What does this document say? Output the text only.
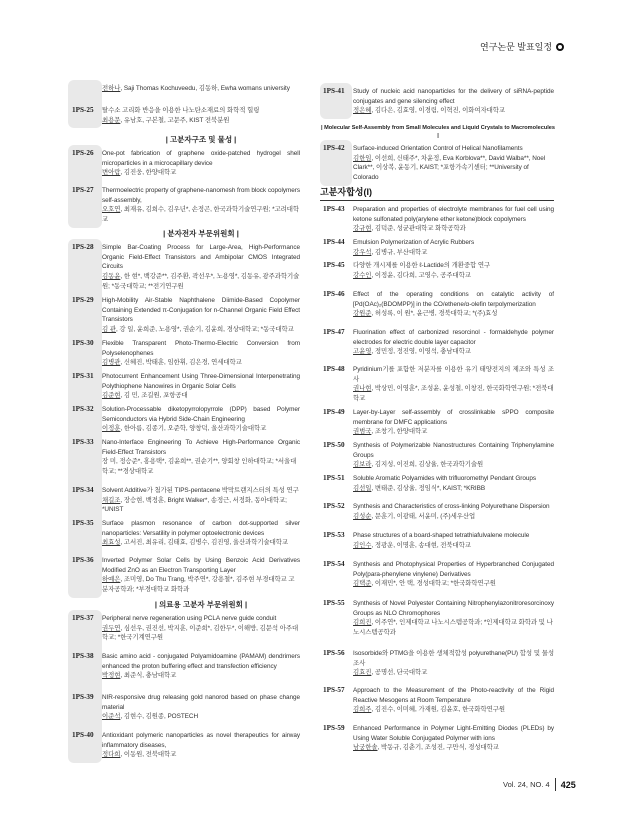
연구논문 발표일정
| 고분자구조 및 물성 |
| 분자전자 부문위원회 |
| 의료용 고분자 부문위원회 |
| Molecular Self-Assembly from Small Molecules and Liquid Crystals to Macromolecules |
고분자합성(I)
전하나, Saji Thomas Kochuveedu, 김동하, Ewha womans university
1PS-25 탈수소 고리화 반응을 이용한 나노탄소재료의 화학적 힐링
최용문, 유남호, 구본철, 고문주, KIST 전북분원
1PS-26 One-pot fabrication of graphene oxide-patched hydrogel shell microparticles in a microcapillary device
변아람, 김진웅, 한양대학교
1PS-27 Thermoelectric property of graphene-nanomesh from block copolymers self-assembly,
오호연, 최재유, 김희수, 김우년*, 손정곤, 한국과학기술연구원; *고려대학교
1PS-28 Simple Bar-Coating Process for Large-Area, High-Performance Organic Field-Effect Transistors and Ambipolar CMOS Integrated Circuits
김동윤, 한 현*, 백강준**, 김주환, 곽선우*, 노용영*, 김동유, 광주과학기술원; *동국대학교; **전기연구원
1PS-29 High-Mobility Air-Stable Naphthalene Diimide-Based Copolymer Containing Extended π-Conjugation for n-Channel Organic Field Effect Transistors
김 관, 강 일, 윤희준, 노용영*, 권순기, 김윤희, 경상대학교; *동국대학교
1PS-30 Flexible Transparent Photo-Thermo-Electric Conversion from Polyselenophenes
김병관, 신혜진, 박태훈, 임한휘, 김은경, 연세대학교
1PS-31 Photocurrent Enhancement Using Three-Dimensional Interpenetrating Polythiophene Nanowires in Organic Solar Cells
김준현, 김 민, 조길원, 포항공대
1PS-32 Solution-Processable diketopyrrolopyrrole (DPP) based Polymer Semiconductors via Hybrid Side-Chain Engineering
이정훈, 한아름, 김종기, 오준학, 양창덕, 울산과학기술대학교
1PS-33 Nano-Interface Engineering To Achieve High-Performance Organic Field-Effect Transistors
장 미, 정승준*, 홍용택*, 김윤희**, 권순기**, 양회창 인하대학교; *서울대학교; **경상대학교
1PS-34 Solvent Additive가 첨가된 TIPS-pentacene 박막트랜지스터의 특성 연구
채길조, 장승현, 백정훈, Bright Walker*, 송정근, 서정화, 동아대학교; *UNIST
1PS-35 Surface plasmon resonance of carbon dot-supported silver nanoparticles: Versatility in polymer optoelectronic devices
최효성, 고서진, 최유리, 김태효, 김병수, 김진영, 울산과학기술대학교
1PS-36 Inverted Polymer Solar Cells by Using Benzoic Acid Derivatives Modified ZnO as an Electron Transporting Layer
하예은, 조미영, Do Thu Trang, 박주연*, 강용철*, 김주현 부경대학교 고분자공학과; *부경대학교 화학과
1PS-37 Peripheral nerve regeneration using PCLA nerve guide conduit
권두연, 심선우, 권진선, 박지훈, 이준희*, 김한두*, 이해방, 김문석 아주대학교; *한국기계연구원
1PS-38 Basic amino acid - conjugated Polyamidoamine (PAMAM) dendrimers enhanced the proton buffering effect and transfection efficiency
박정현, 최준식, 충남대학교
1PS-39 NIR-responsive drug releasing gold nanorod based on phase change material
이준석, 김현수, 김원종, POSTECH
1PS-40 Antioxidant polymeric nanoparticles as novel therapeutics for airway inflammatory diseases,
정다희, 이동원, 전북대학교
1PS-41 Study of nucleic acid nanoparticles for the delivery of siRNA-peptide conjugates and gene silencing effect
정은혜, 김다은, 김효영, 이경림, 이혁진, 이화여자대학교
1PS-42 Surface-induced Orientation Control of Helical Nanofilaments
김한임, 이선희, 신태주*, 차윤정, Eva Korblova**, David Walba**, Noel Clark**, 이상복, 윤동기, KAIST; *포항가속기센터; **University of Colorado
1PS-43 Preparation and properties of electrolyte membranes for fuel cell using ketone sulfonated poly(arylene ether ketone)block copolymers
강규현, 김덕준, 성균관대학교 화학공학과
1PS-44 Emulsion Polymerization of Acrylic Rubbers
강우석, 김병규, 부산대학교
1PS-45 다양한 개시제를 이용한 ℓ-Lactide의 개환중합 연구
강수인, 이정윤, 김다희, 고영수, 공주대학교
1PS-46 Effect of the operating conditions on catalytic activity of [Pd(OAc)₂(BDOMPP)] in the CO/ethene/α-olefin terpolymerization
강원준, 허성록, 이 원*, 윤근병, 경북대학교; *(주)효성
1PS-47 Fluorination effect of carbonized resorcinol - formaldehyde polymer electrodes for electric double layer capacitor
고윤영, 정민정, 정진영, 이영석, 충남대학교
1PS-48 Pyridinium기를 포함한 저분자를 이용한 유기 태양전지의 제조와 특성 조사
권나현, 박상민, 이영훈*, 조성윤, 윤성철, 이창진, 한국화학연구원; *전북대학교
1PS-49 Layer-by-Layer self-assembly of crosslinkable sPPO composite membrane for DMFC applications
권범국, 조창기, 한양대학교
1PS-50 Synthesis of Polymerizable Nanostructures Containing Triphenylamine Groups
김보라, 김지성, 이진희, 김상율, 한국과학기술원
1PS-51 Soluble Aromatic Polyamides with trifluoromethyl Pendant Groups
김선일, 변태준, 김상율, 정임식*, KAIST; *KRIBB
1PS-52 Synthesis and Characteristics of cross-linking Polyurethane Dispersion
김성순, 문훈기, 이광태, 서윤미, (주)세우산업
1PS-53 Phase structures of a board-shaped tetrathiafulvalene molecule
김인수, 정광운, 이명훈, 송대현, 전북대학교
1PS-54 Synthesis and Photophysical Properties of Hyperbranched Conjugated Poly(para-phenylene vinylene) Derivatives
김택준, 이재민*, 안 택, 경성대학교; *한국화학연구원
1PS-55 Synthesis of Novel Polyester Containing Nitrophenylazonitroresorcinoxy Groups as NLO Chromophores
김희진, 이주연*, 인제대학교 나노시스템공학과; *인제대학교 화학과 및 나노시스템공학과
1PS-56 Isosorbide와 PTMG을 이용한 생체적합성 polyurethane(PU) 합성 및 물성 조사
김효진, 공명선, 단국대학교
1PS-57 Approach to the Measurement of the Photo-reactivity of the Rigid Reactive Mesogens at Room Temperature
김희주, 김진수, 이미혜, 가재원, 김윤호, 한국화학연구원
1PS-59 Enhanced Performance in Polymer Light-Emitting Diodes (PLEDs) by Using Water Soluble Conjugated Polymer with ions
남궁한솔, 박동규, 김춘기, 조성진, 구만식, 경성대학교
Vol. 24, NO. 4 425
